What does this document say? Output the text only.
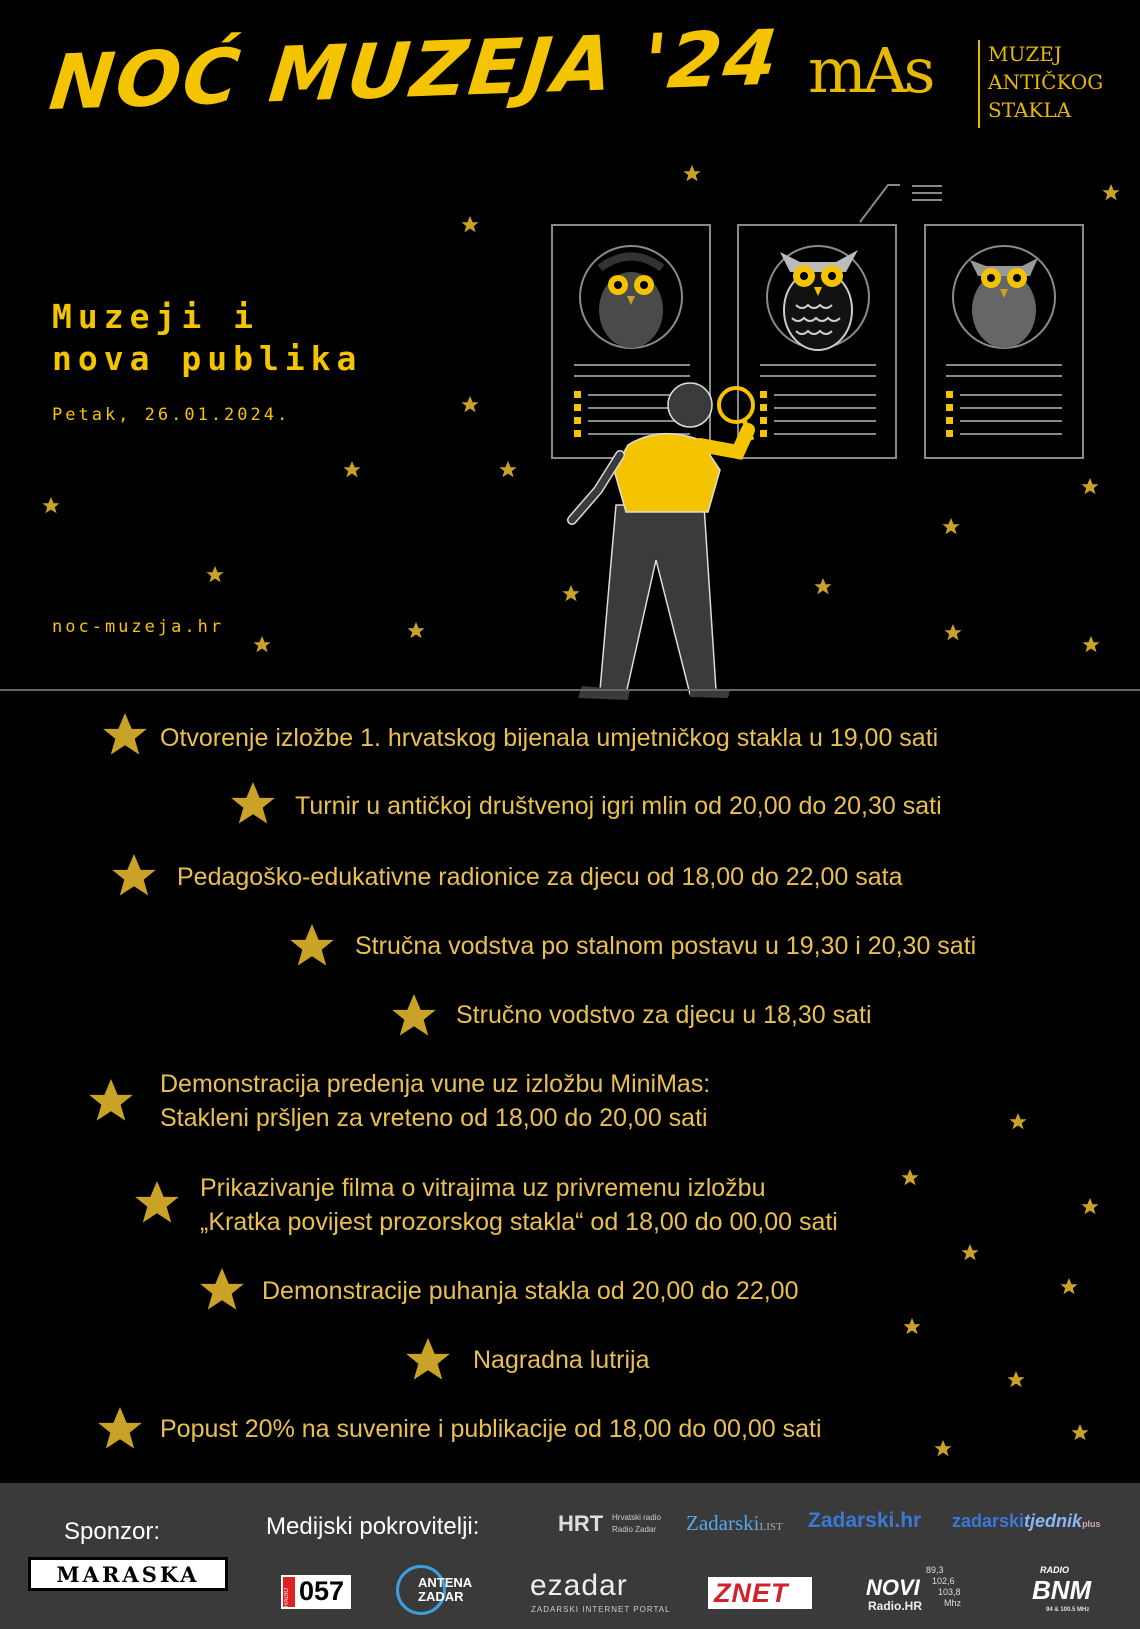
NOĆ MUZEJA '24 mAs	MUZEJ
ANTIČKOG
STAKLA
Muzeji i
nova publika
Petak, 26.01.2024.
noc-muzeja.hr
Otvorenje izložbe 1. hrvatskog bijenala umjetničkog stakla u 19,00 sati
Turnir u antičkoj društvenoj igri mlin od 20,00 do 20,30 sati
Pedagoško-edukativne radionice za djecu od 18,00 do 22,00 sata
Stručna vodstva po stalnom postavu u 19,30 i 20,30 sati
Stručno vodstvo za djecu u 18,30 sati
Demonstracija predenja vune uz izložbu MiniMas:
Stakleni pršljen za vreteno od 18,00 do 20,00 sati
Prikazivanje filma o vitrajima uz privremenu izložbu
„Kratka povijest prozorskog stakla“ od 18,00 do 00,00 sati
Demonstracije puhanja stakla od 20,00 do 22,00
Nagradna lutrija
Popust 20% na suvenire i publikacije od 18,00 do 00,00 sati
Sponzor:
MARASKA
Medijski pokrovitelji:	HRT Hrvatski radio
Radio Zadar ZadarskiLIST Zadarski.hr zadarskitjednikplus
RADIO 057	ANTENA
ZADAR ezadar
ZADARSKI INTERNET PORTAL
ZNET	NOVI
Radio.HR
89,3
102,6
103,8
Mhz
RADIO
BNM
94 & 100.5 MHz
